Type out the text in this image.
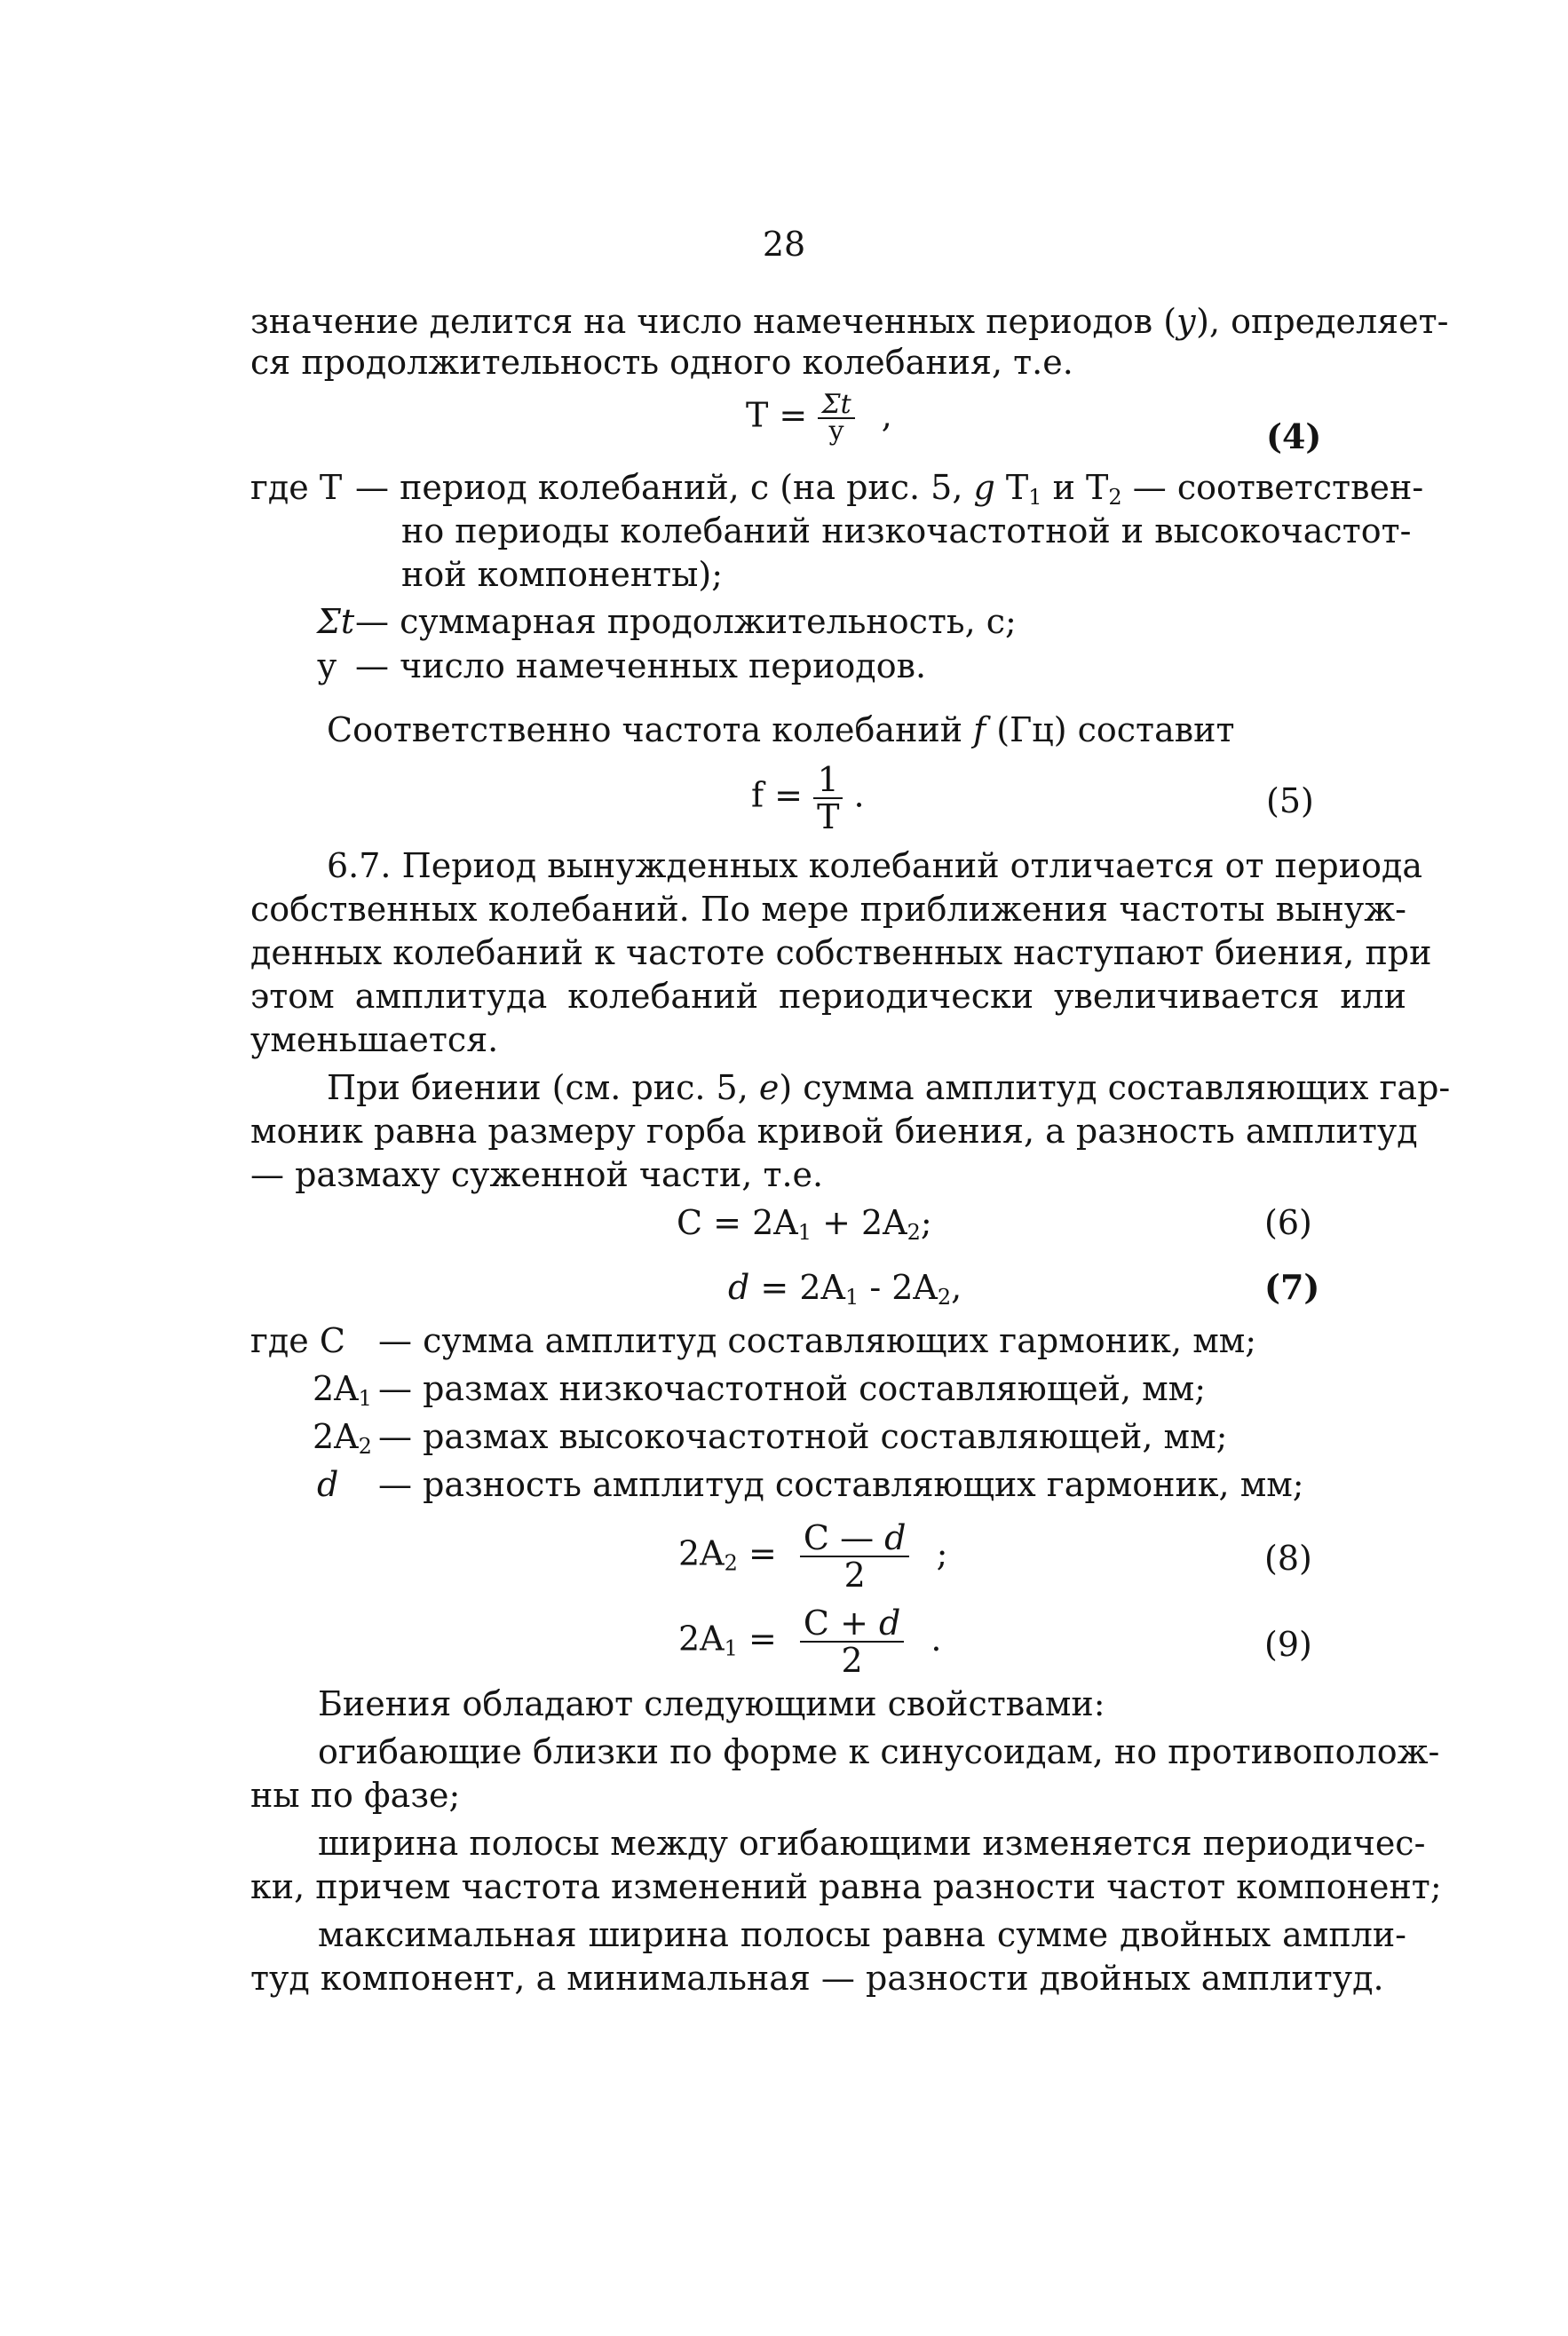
28
значение делится на число намеченных периодов (у), определяет-
ся продолжительность одного колебания, т.е.
$T = \frac{\Sigma t}{у}$ ,
(4)
где T — период колебаний, с (на рис. 5, g $T_1$ и $T_2$ — соответствен-
но периоды колебаний низкочастотной и высокочастот-
ной компоненты);
Σt — суммарная продолжительность, с;
у — число намеченных периодов.
Соответственно частота колебаний f (Гц) составит
$f = \frac{1}{T}$ .	(5)
6.7. Период вынужденных колебаний отличается от периода
собственных колебаний. По мере приближения частоты вынуж-
денных колебаний к частоте собственных наступают биения, при
этом амплитуда колебаний периодически увеличивается или
уменьшается.
При биении (см. рис. 5, е) сумма амплитуд составляющих гар-
моник равна размеру горба кривой биения, а разность амплитуд
— размаху суженной части, т.е.
$C = 2A_1 + 2A_2$;	(6)
$d = 2A_1 - 2A_2$,	(7)
где C — сумма амплитуд составляющих гармоник, мм;
$2A_1$ — размах низкочастотной составляющей, мм;
$2A_2$ — размах высокочастотной составляющей, мм;
d — разность амплитуд составляющих гармоник, мм;
$2A_2 = \frac{C — d}{2}$ ;	(8)
$2A_1 = \frac{C + d}{2}$ .	(9)
Биения обладают следующими свойствами:
огибающие близки по форме к синусоидам, но противополож-
ны по фазе;
ширина полосы между огибающими изменяется периодичес-
ки, причем частота изменений равна разности частот компонент;
максимальная ширина полосы равна сумме двойных ампли-
туд компонент, а минимальная — разности двойных амплитуд.
